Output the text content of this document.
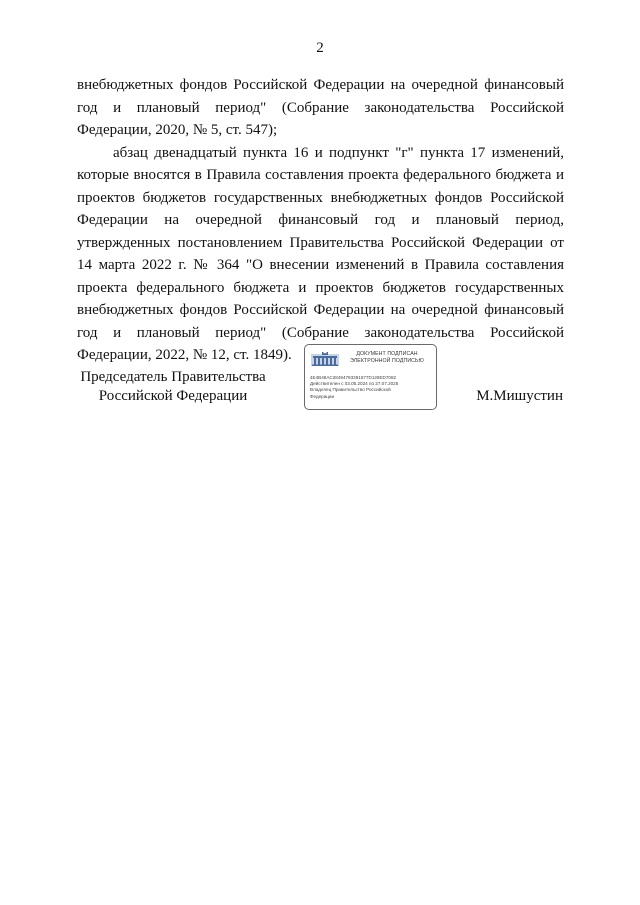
2

внебюджетных фондов Российской Федерации на очередной финансовый год и плановый период" (Собрание законодательства Российской Федерации, 2020, № 5, ст. 547);

абзац двенадцатый пункта 16 и подпункт "г" пункта 17 изменений, которые вносятся в Правила составления проекта федерального бюджета и проектов бюджетов государственных внебюджетных фондов Российской Федерации на очередной финансовый год и плановый период, утвержденных постановлением Правительства Российской Федерации от 14 марта 2022 г. № 364 "О внесении изменений в Правила составления проекта федерального бюджета и проектов бюджетов государственных внебюджетных фондов Российской Федерации на очередной финансовый год и плановый период" (Собрание законодательства Российской Федерации, 2022, № 12, ст. 1849).

Председатель Правительства
Российской Федерации
ДОКУМЕНТ ПОДПИСАН
ЭЛЕКТРОННОЙ ПОДПИСЬЮ
4E4B48AC28494793391877D128ED7082
Действителен с 03.05.2024 по 27.07.2025
Владелец Правительство Российской
Федерации	М.Мишустин
